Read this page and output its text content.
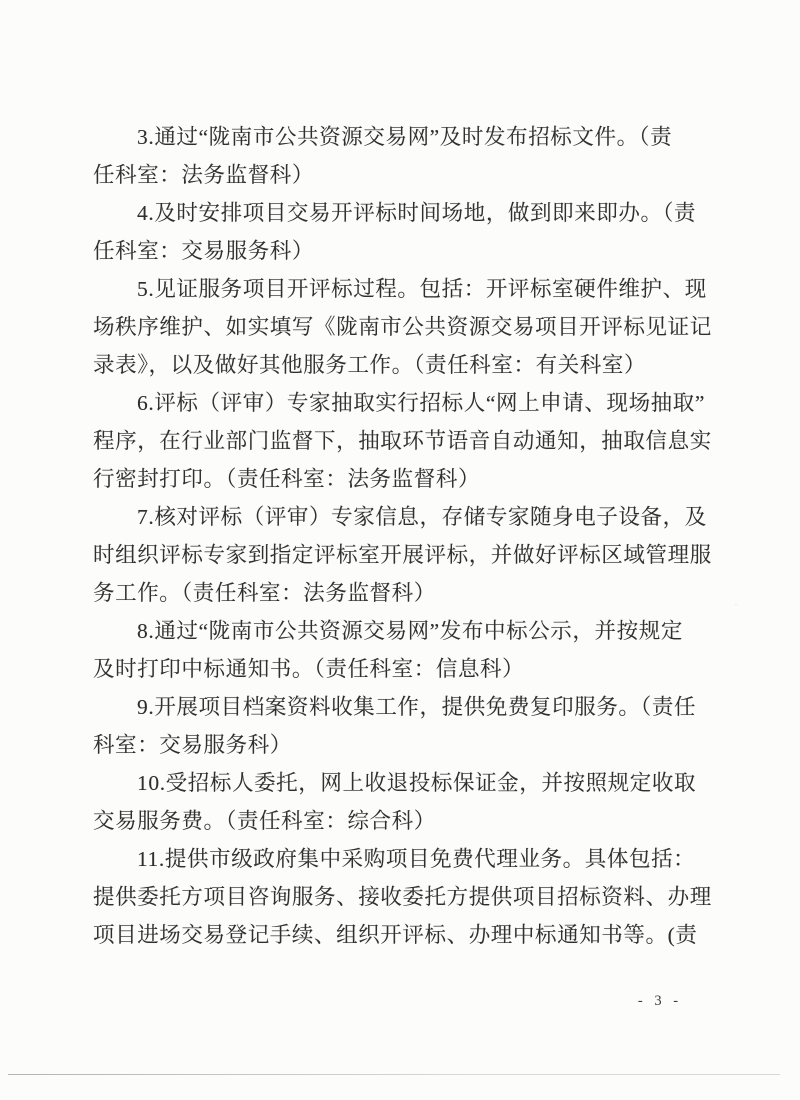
3.通过“陇南市公共资源交易网”及时发布招标文件。（责
任科室：法务监督科）
4.及时安排项目交易开评标时间场地，做到即来即办。（责
任科室：交易服务科）
5.见证服务项目开评标过程。包括：开评标室硬件维护、现
场秩序维护、如实填写《陇南市公共资源交易项目开评标见证记
录表》，以及做好其他服务工作。（责任科室：有关科室）
6.评标（评审）专家抽取实行招标人“网上申请、现场抽取”
程序，在行业部门监督下，抽取环节语音自动通知，抽取信息实
行密封打印。（责任科室：法务监督科）
7.核对评标（评审）专家信息，存储专家随身电子设备，及
时组织评标专家到指定评标室开展评标，并做好评标区域管理服
务工作。（责任科室：法务监督科）
8.通过“陇南市公共资源交易网”发布中标公示，并按规定
及时打印中标通知书。（责任科室：信息科）
9.开展项目档案资料收集工作，提供免费复印服务。（责任
科室：交易服务科）
10.受招标人委托，网上收退投标保证金，并按照规定收取
交易服务费。（责任科室：综合科）
11.提供市级政府集中采购项目免费代理业务。具体包括：
提供委托方项目咨询服务、接收委托方提供项目招标资料、办理
项目进场交易登记手续、组织开评标、办理中标通知书等。(责
- 3 -
